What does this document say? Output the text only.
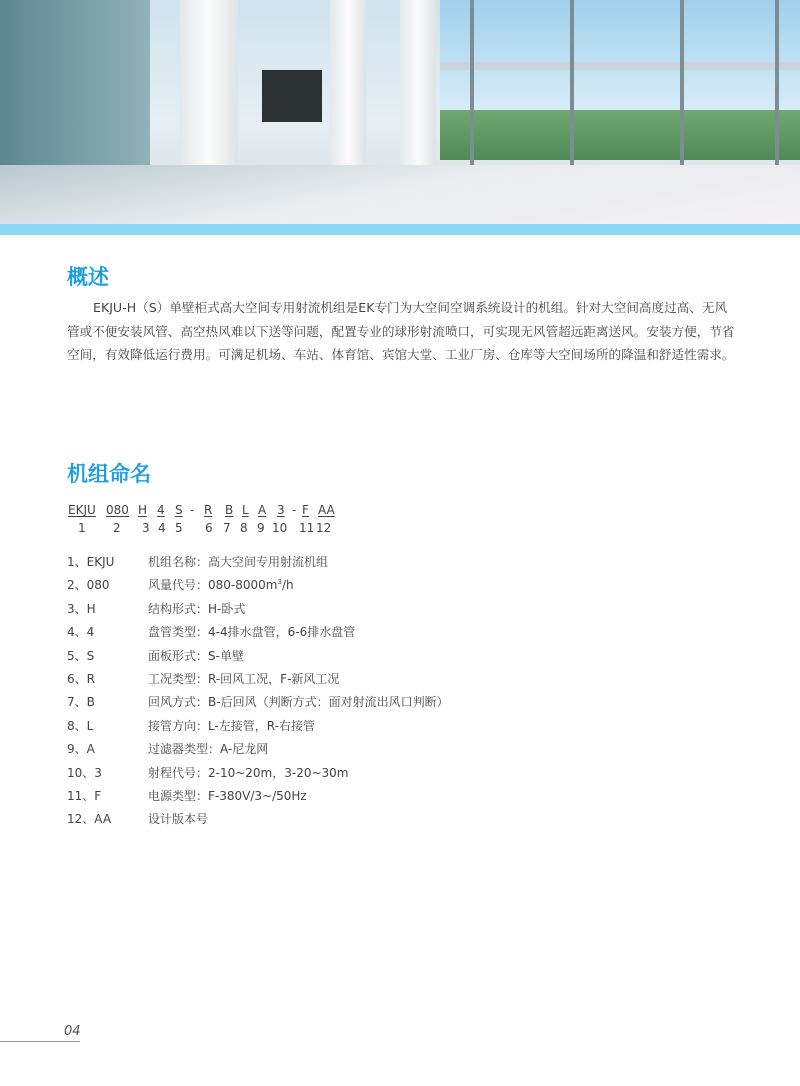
概述

EKJU-H（S）单壁柜式高大空间专用射流机组是EK专门为大空间空调系统设计的机组。针对大空间高度过高、无风管或不便安装风管、高空热风难以下送等问题，配置专业的球形射流喷口，可实现无风管超远距离送风。安装方便，节省空间，有效降低运行费用。可满足机场、车站、体育馆、宾馆大堂、工业厂房、仓库等大空间场所的降温和舒适性需求。

机组命名
EKJU 080 H 4 S - R B L A 3 - F AA
1 2 3 4 5 6 7 8 9 10 11 12
1、EKJU	机组名称：高大空间专用射流机组
2、080	风量代号：$080-8000m^3/h$
3、H	结构形式：H-卧式
4、4	盘管类型：4-4排水盘管，6-6排水盘管
5、S	面板形式：S-单壁
6、R	工况类型：R-回风工况，F-新风工况
7、B	回风方式：B-后回风（判断方式：面对射流出风口判断）
8、L	接管方向：L-左接管，R-右接管
9、A	过滤器类型：A-尼龙网
10、3	射程代号：2-10~20m，3-20~30m
11、F	电源类型：F-380V/3~/50Hz
12、AA	设计版本号
04
